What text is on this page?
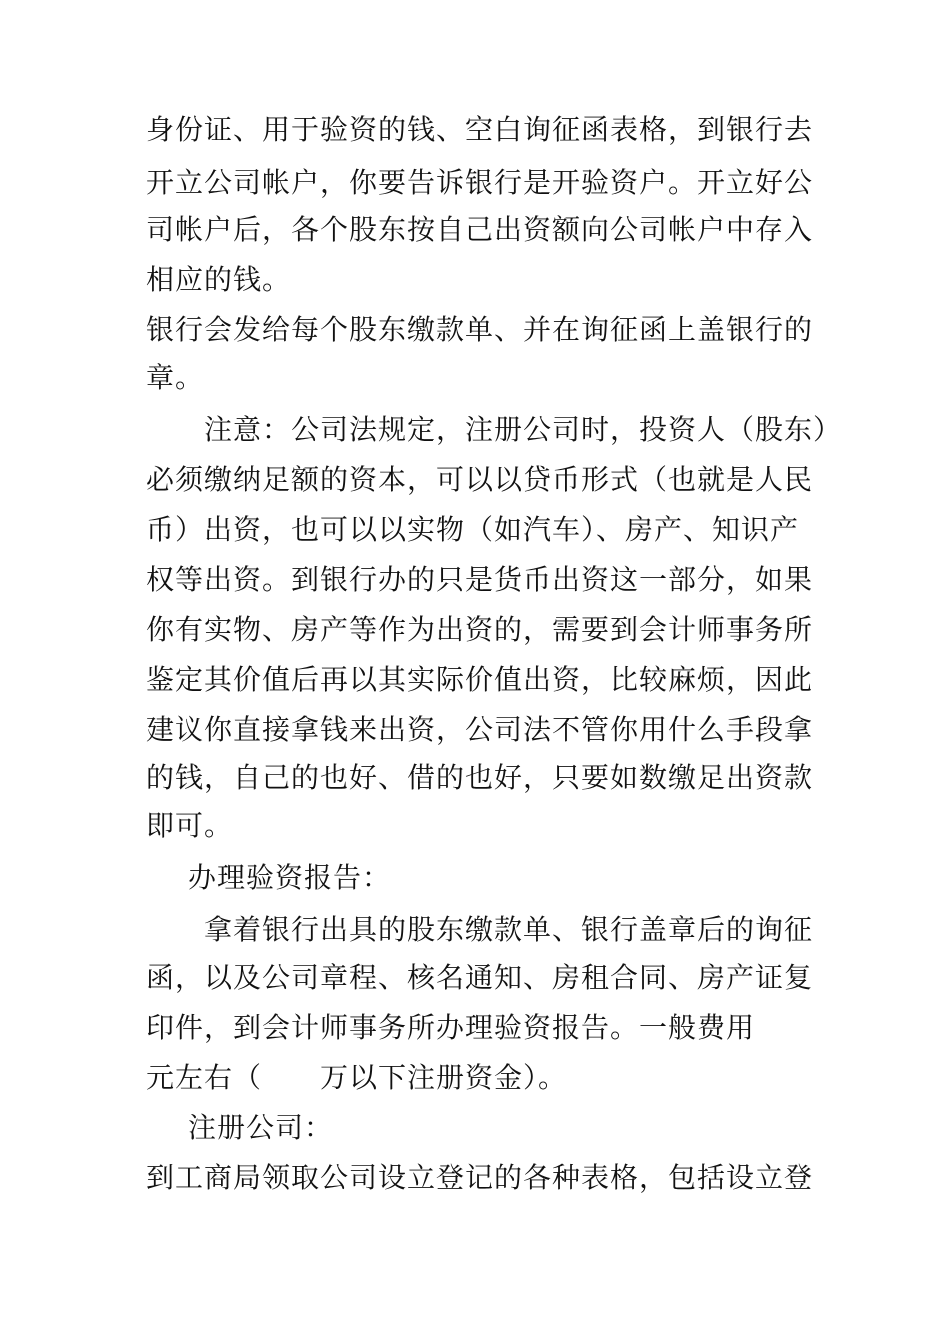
身份证、用于验资的钱、空白询征函表格，到银行去
开立公司帐户，你要告诉银行是开验资户。开立好公
司帐户后，各个股东按自己出资额向公司帐户中存入
相应的钱。
银行会发给每个股东缴款单、并在询征函上盖银行的
章。
注意：公司法规定，注册公司时，投资人（股东）
必须缴纳足额的资本，可以以贷币形式（也就是人民
币）出资，也可以以实物（如汽车）、房产、知识产
权等出资。到银行办的只是货币出资这一部分，如果
你有实物、房产等作为出资的，需要到会计师事务所
鉴定其价值后再以其实际价值出资，比较麻烦，因此
建议你直接拿钱来出资，公司法不管你用什么手段拿
的钱，自己的也好、借的也好，只要如数缴足出资款
即可。
办理验资报告：
拿着银行出具的股东缴款单、银行盖章后的询征
函，以及公司章程、核名通知、房租合同、房产证复
印件，到会计师事务所办理验资报告。一般费用
元左右（　　万以下注册资金）。
注册公司：
到工商局领取公司设立登记的各种表格，包括设立登
